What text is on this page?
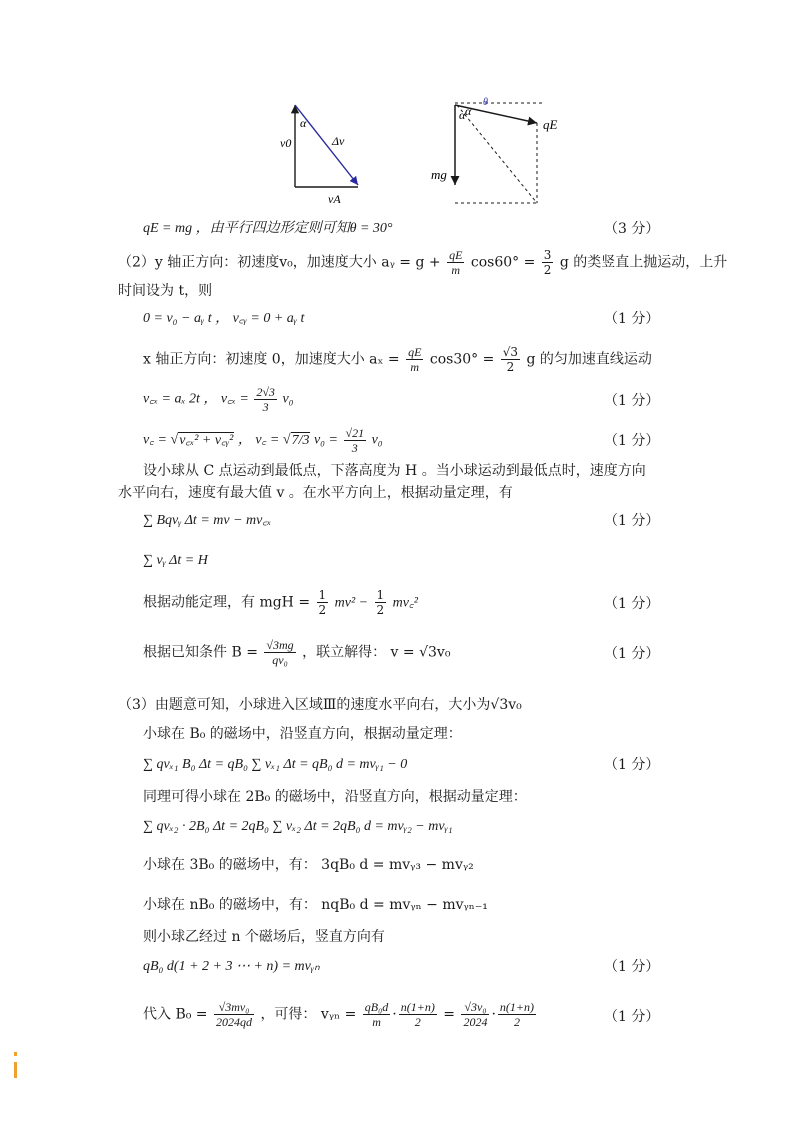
α
v0	Δv
vA
α α
θ
qE
mg
qE = mg ，由平行四边形定则可知θ = 30°	（3 分）
（2）y 轴正方向：初速度v₀，加速度大小 aᵧ = $g + \frac{qE}{m} \cos 60^\circ = \frac{3}{2}$ g 的类竖直上抛运动，上升
时间设为 t，则
0 = v₀ − aᵧ t ， v꜀ᵧ = 0 + aᵧ t	（1 分）
x 轴正方向：初速度 0，加速度大小 $a_x = \frac{qE}{m} \cos 30^\circ = \frac{√3}{2}$ g 的匀加速直线运动
v꜀ₓ = aₓ 2t ， v꜀ₓ = $\frac{2√3}{3} v_0$	（1 分）
v꜀ = √v꜀ₓ² + v꜀ᵧ² ， v꜀ = √7/3 $v_0 = \frac{√21}{3} v_0$	（1 分）
设小球从 C 点运动到最低点，下落高度为 H 。当小球运动到最低点时，速度方向
水平向右，速度有最大值 v 。在水平方向上，根据动量定理，有
∑ Bqvᵧ Δt = mv − mv꜀ₓ	（1 分）
∑ vᵧ Δt = H
根据动能定理，有 mgH = $\frac{1}{2} mv^2 - \frac{1}{2}$ mv꜀²	（1 分）
根据已知条件 $B = \frac{√3mg}{\text{qv₀}}$ ，联立解得： v = √3v₀	（1 分）
（3）由题意可知，小球进入区域Ⅲ的速度水平向右，大小为√3v₀
小球在 B₀ 的磁场中，沿竖直方向，根据动量定理：
∑ qvₓ₁ B₀ Δt = qB₀ ∑ vₓ₁ Δt = qB₀ d = mvᵧ₁ − 0	（1 分）
同理可得小球在 2B₀ 的磁场中，沿竖直方向，根据动量定理：
∑ qvₓ₂ · 2B₀ Δt = 2qB₀ ∑ vₓ₂ Δt = 2qB₀ d = mvᵧ₂ − mvᵧ₁
小球在 3B₀ 的磁场中，有： 3qB₀ d = mvᵧ₃ − mvᵧ₂
小球在 nB₀ 的磁场中，有： nqB₀ d = mvᵧₙ − mvᵧₙ₋₁
则小球乙经过 n 个磁场后，竖直方向有
qB₀ d(1 + 2 + 3 ⋯ + n) = mvᵧₙ	（1 分）
代入 $B_0 = \frac{\text{√3mv₀}}{2024qd}$ ，可得： vᵧₙ = $\frac{\text{qB₀d}}{m} \cdot \frac{n(1+n)}{2} = \frac{\text{√3v₀}}{2024} \cdot \frac{n(1+n)}{2}$	（1 分）
